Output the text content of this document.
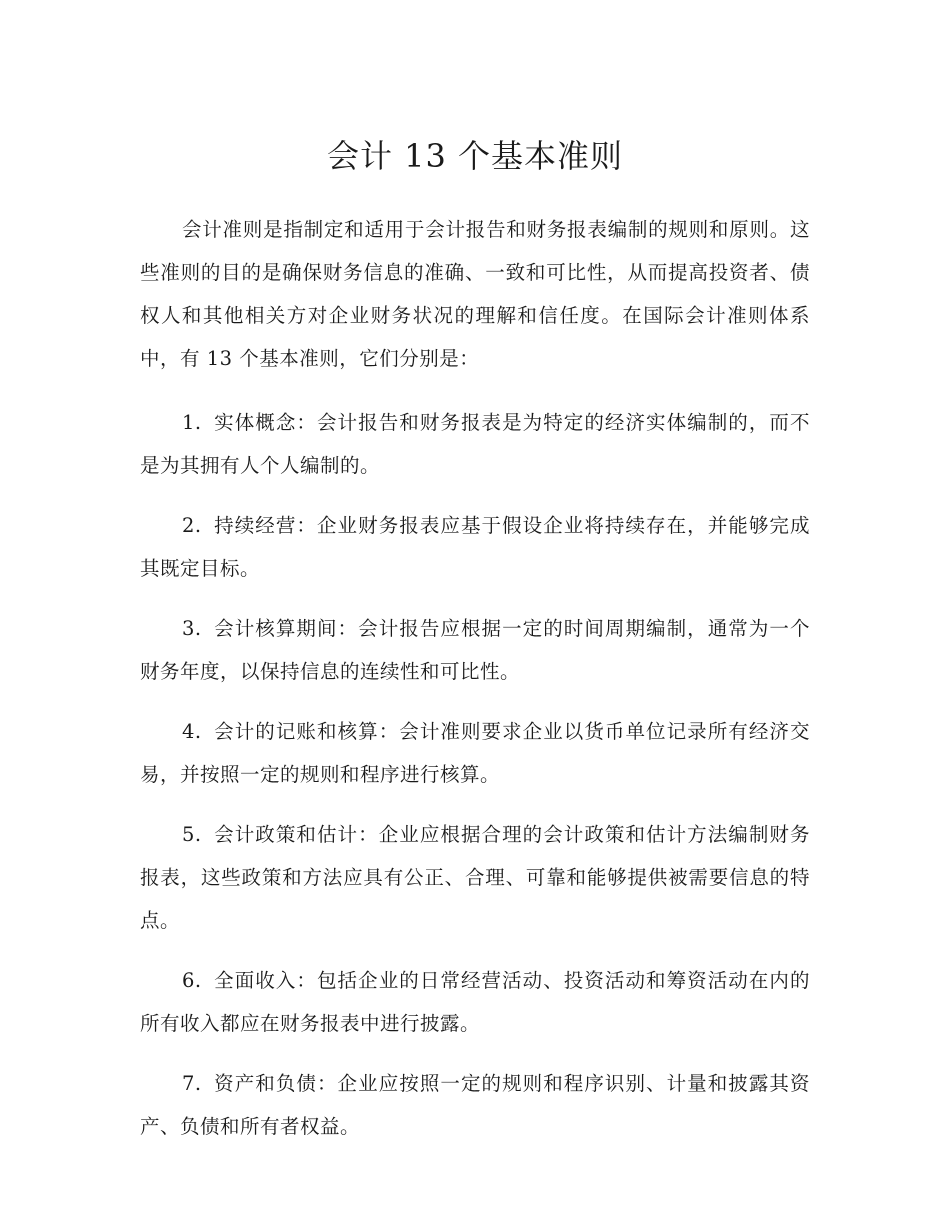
会计 13 个基本准则

会计准则是指制定和适用于会计报告和财务报表编制的规则和原则。这些准则的目的是确保财务信息的准确、一致和可比性，从而提高投资者、债权人和其他相关方对企业财务状况的理解和信任度。在国际会计准则体系中，有 13 个基本准则，它们分别是：

1. 实体概念：会计报告和财务报表是为特定的经济实体编制的，而不是为其拥有人个人编制的。

2. 持续经营：企业财务报表应基于假设企业将持续存在，并能够完成其既定目标。

3. 会计核算期间：会计报告应根据一定的时间周期编制，通常为一个财务年度，以保持信息的连续性和可比性。

4. 会计的记账和核算：会计准则要求企业以货币单位记录所有经济交易，并按照一定的规则和程序进行核算。

5. 会计政策和估计：企业应根据合理的会计政策和估计方法编制财务报表，这些政策和方法应具有公正、合理、可靠和能够提供被需要信息的特点。

6. 全面收入：包括企业的日常经营活动、投资活动和筹资活动在内的所有收入都应在财务报表中进行披露。

7. 资产和负债：企业应按照一定的规则和程序识别、计量和披露其资产、负债和所有者权益。
